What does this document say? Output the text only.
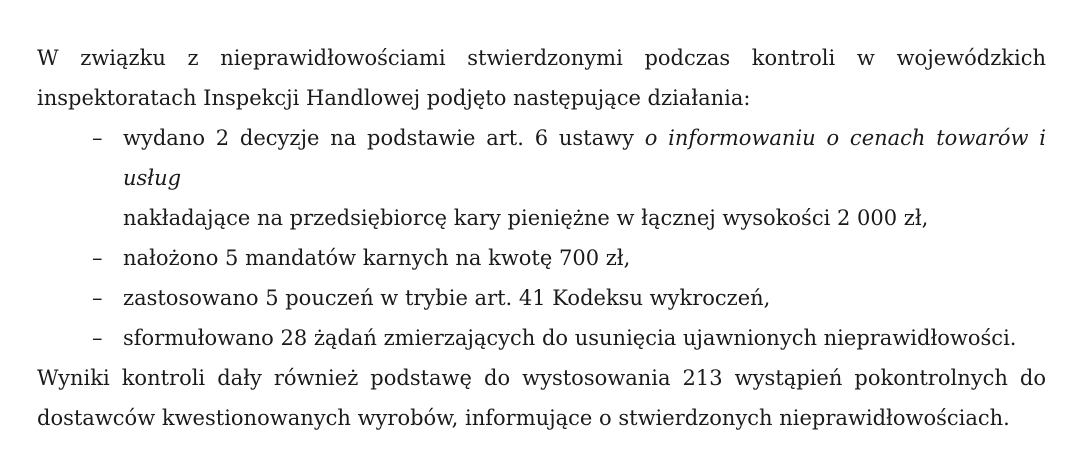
W związku z nieprawidłowościami stwierdzonymi podczas kontroli w wojewódzkich
inspektoratach Inspekcji Handlowej podjęto następujące działania:

– wydano 2 decyzje na podstawie art. 6 ustawy o informowaniu o cenach towarów i usług
nakładające na przedsiębiorcę kary pieniężne w łącznej wysokości 2 000 zł,
– nałożono 5 mandatów karnych na kwotę 700 zł,
– zastosowano 5 pouczeń w trybie art. 41 Kodeksu wykroczeń,
– sformułowano 28 żądań zmierzających do usunięcia ujawnionych nieprawidłowości.

Wyniki kontroli dały również podstawę do wystosowania 213 wystąpień pokontrolnych do
dostawców kwestionowanych wyrobów, informujące o stwierdzonych nieprawidłowościach.
